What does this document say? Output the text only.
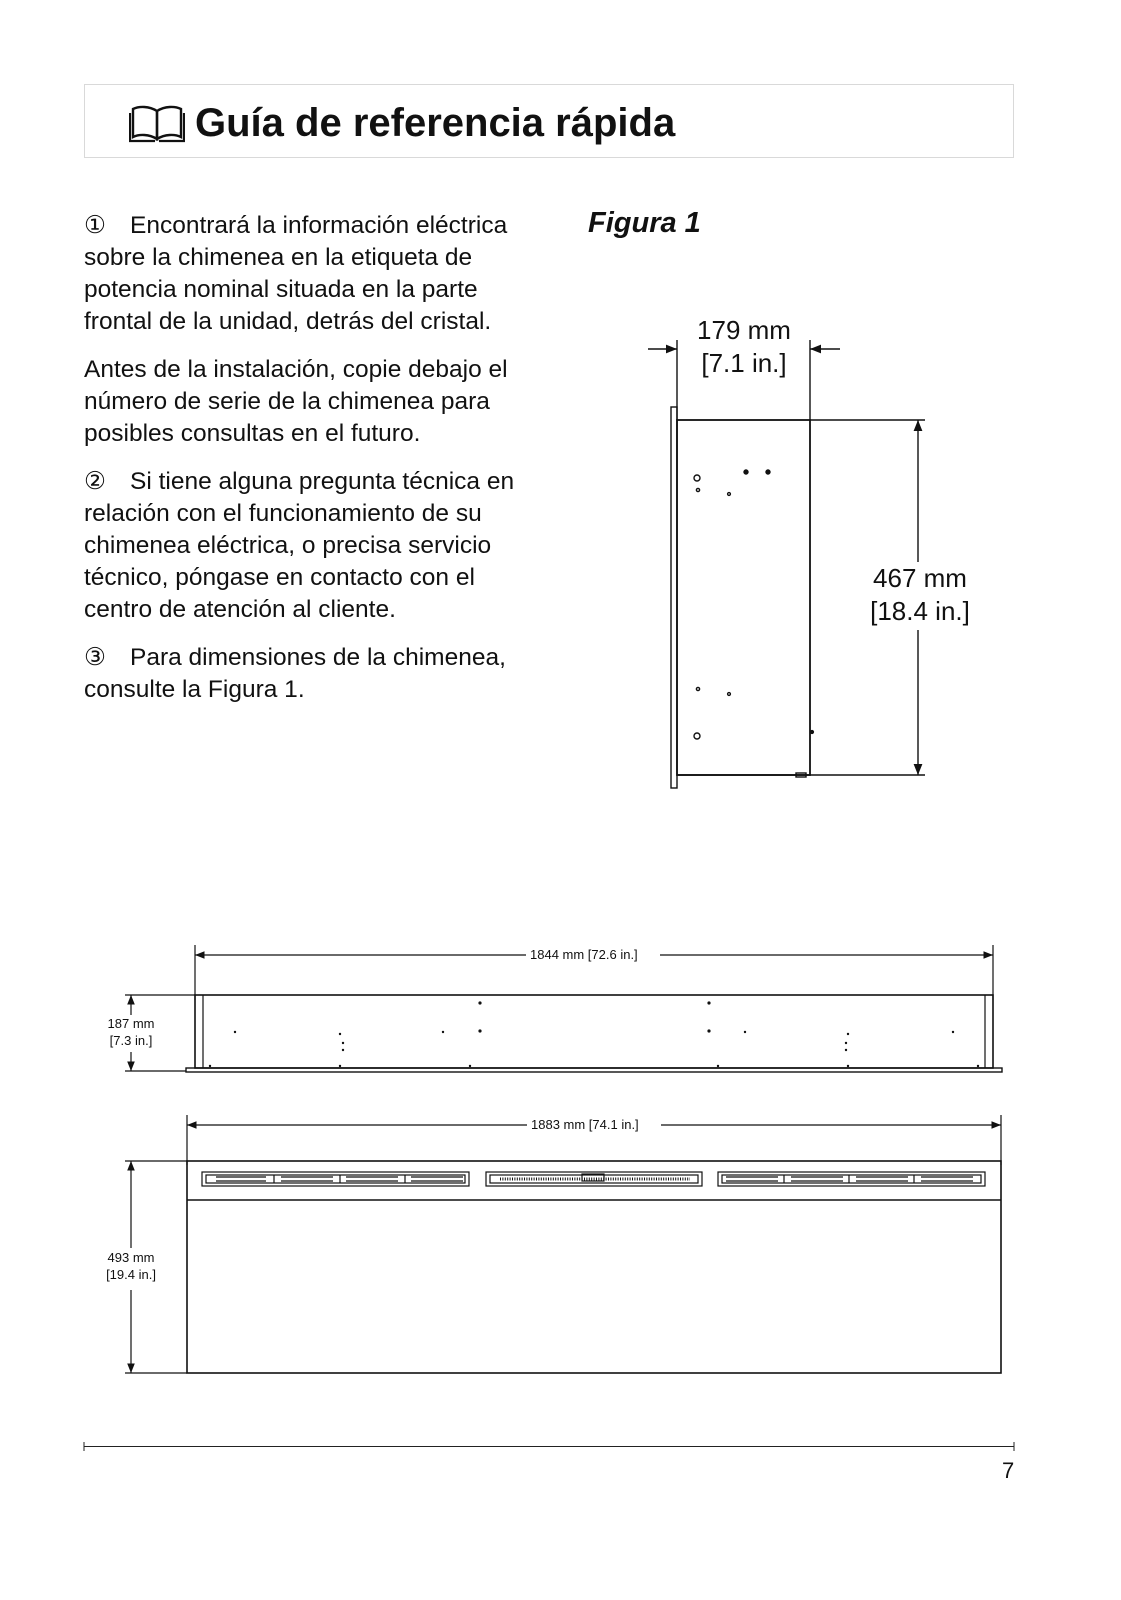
Guía de referencia rápida

① Encontrará la información eléctrica sobre la chimenea en la etiqueta de potencia nominal situada en la parte frontal de la unidad, detrás del cristal.

Antes de la instalación, copie debajo el número de serie de la chimenea para posibles consultas en el futuro.

② Si tiene alguna pregunta técnica en relación con el funcionamiento de su chimenea eléctrica, o precisa servicio técnico, póngase en contacto con el centro de atención al cliente.

③ Para dimensiones de la chimenea, consulte la Figura 1.

Figura 1
179 mm
[7.1 in.]
467 mm
[18.4 in.]
1844 mm [72.6 in.]
187 mm
[7.3 in.]
1883 mm [74.1 in.]
493 mm
[19.4 in.]
7
